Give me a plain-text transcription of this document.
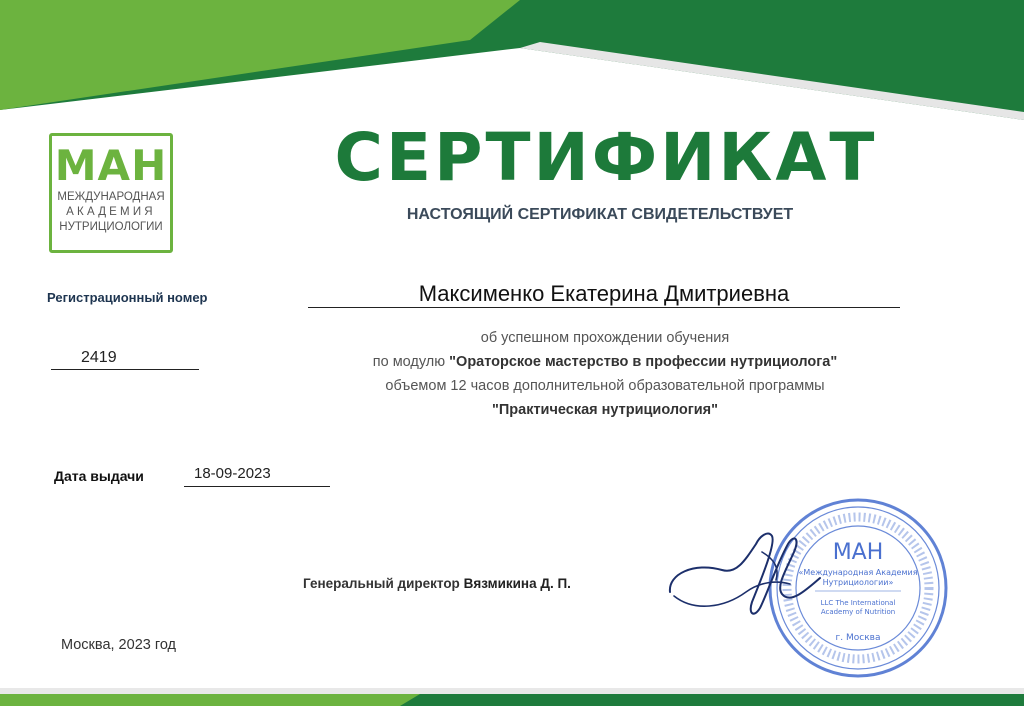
МАН
МЕЖДУНАРОДНАЯ
АКАДЕМИЯ
НУТРИЦИОЛОГИИ
СЕРТИФИКАТ
НАСТОЯЩИЙ СЕРТИФИКАТ СВИДЕТЕЛЬСТВУЕТ
Регистрационный номер
2419
Максименко Екатерина Дмитриевна
об успешном прохождении обучения
по модулю "Ораторское мастерство в профессии нутрициолога"
объемом 12 часов дополнительной образовательной программы
"Практическая нутрициология"
Дата выдачи	18-09-2023
Генеральный директор Вязмикина Д. П.
МАН
«Международная Академия
Нутрициологии»
LLC The International
Academy of Nutrition
г. Москва
Москва, 2023 год
